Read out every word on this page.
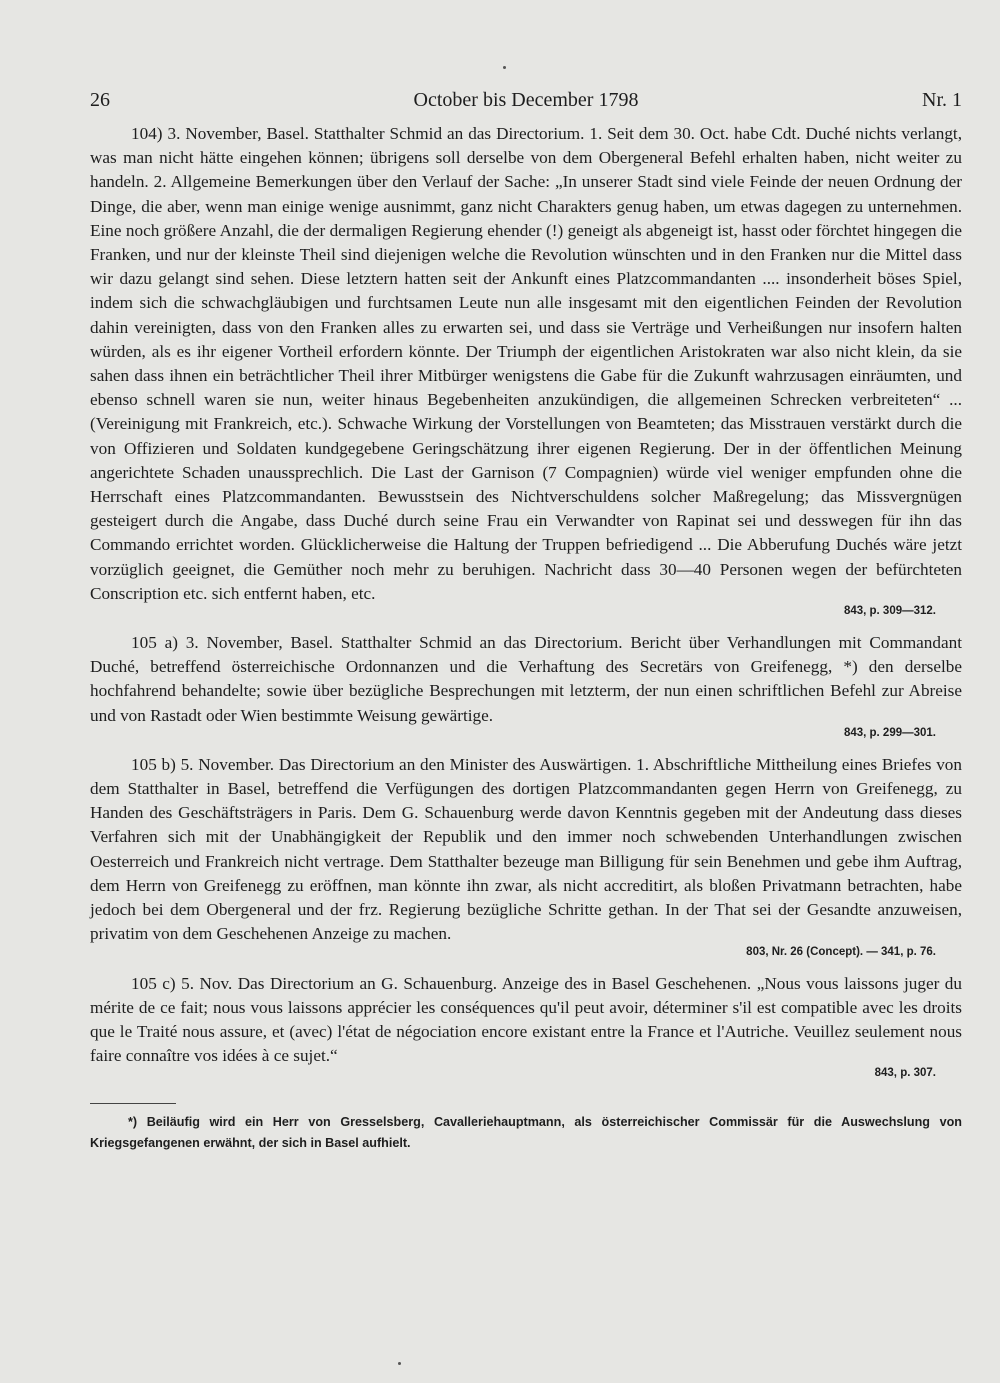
26	October bis December 1798	Nr. 1
104) 3. November, Basel. Statthalter Schmid an das Directorium. 1. Seit dem 30. Oct. habe Cdt. Duché nichts verlangt, was man nicht hätte eingehen können; übrigens soll derselbe von dem Obergeneral Befehl erhalten haben, nicht weiter zu handeln. 2. Allgemeine Bemerkungen über den Verlauf der Sache: „In unserer Stadt sind viele Feinde der neuen Ordnung der Dinge, die aber, wenn man einige wenige ausnimmt, ganz nicht Charakters genug haben, um etwas dagegen zu unternehmen. Eine noch größere Anzahl, die der dermaligen Regierung ehender (!) geneigt als abgeneigt ist, hasst oder förchtet hingegen die Franken, und nur der kleinste Theil sind diejenigen welche die Revolution wünschten und in den Franken nur die Mittel dass wir dazu gelangt sind sehen. Diese letztern hatten seit der Ankunft eines Platzcommandanten .... insonderheit böses Spiel, indem sich die schwachgläubigen und furchtsamen Leute nun alle insgesamt mit den eigentlichen Feinden der Revolution dahin vereinigten, dass von den Franken alles zu erwarten sei, und dass sie Verträge und Verheißungen nur insofern halten würden, als es ihr eigener Vortheil erfordern könnte. Der Triumph der eigentlichen Aristokraten war also nicht klein, da sie sahen dass ihnen ein beträchtlicher Theil ihrer Mitbürger wenigstens die Gabe für die Zukunft wahrzusagen einräumten, und ebenso schnell waren sie nun, weiter hinaus Begebenheiten anzukündigen, die allgemeinen Schrecken verbreiteten“ ... (Vereinigung mit Frankreich, etc.). Schwache Wirkung der Vorstellungen von Beamteten; das Misstrauen verstärkt durch die von Offizieren und Soldaten kundgegebene Geringschätzung ihrer eigenen Regierung. Der in der öffentlichen Meinung angerichtete Schaden unaussprechlich. Die Last der Garnison (7 Compagnien) würde viel weniger empfunden ohne die Herrschaft eines Platzcommandanten. Bewusstsein des Nichtverschuldens solcher Maßregelung; das Missvergnügen gesteigert durch die Angabe, dass Duché durch seine Frau ein Verwandter von Rapinat sei und desswegen für ihn das Commando errichtet worden. Glücklicherweise die Haltung der Truppen befriedigend ... Die Abberufung Duchés wäre jetzt vorzüglich geeignet, die Gemüther noch mehr zu beruhigen. Nachricht dass 30—40 Personen wegen der befürchteten Conscription etc. sich entfernt haben, etc.
843, p. 309—312.
105 a) 3. November, Basel. Statthalter Schmid an das Directorium. Bericht über Verhandlungen mit Commandant Duché, betreffend österreichische Ordonnanzen und die Verhaftung des Secretärs von Greifenegg, *) den derselbe hochfahrend behandelte; sowie über bezügliche Besprechungen mit letzterm, der nun einen schriftlichen Befehl zur Abreise und von Rastadt oder Wien bestimmte Weisung gewärtige.
843, p. 299—301.
105 b) 5. November. Das Directorium an den Minister des Auswärtigen. 1. Abschriftliche Mittheilung eines Briefes von dem Statthalter in Basel, betreffend die Verfügungen des dortigen Platzcommandanten gegen Herrn von Greifenegg, zu Handen des Geschäftsträgers in Paris. Dem G. Schauenburg werde davon Kenntnis gegeben mit der Andeutung dass dieses Verfahren sich mit der Unabhängigkeit der Republik und den immer noch schwebenden Unterhandlungen zwischen Oesterreich und Frankreich nicht vertrage. Dem Statthalter bezeuge man Billigung für sein Benehmen und gebe ihm Auftrag, dem Herrn von Greifenegg zu eröffnen, man könnte ihn zwar, als nicht accreditirt, als bloßen Privatmann betrachten, habe jedoch bei dem Obergeneral und der frz. Regierung bezügliche Schritte gethan. In der That sei der Gesandte anzuweisen, privatim von dem Geschehenen Anzeige zu machen.
803, Nr. 26 (Concept). — 341, p. 76.
105 c) 5. Nov. Das Directorium an G. Schauenburg. Anzeige des in Basel Geschehenen. „Nous vous laissons juger du mérite de ce fait; nous vous laissons apprécier les conséquences qu'il peut avoir, déterminer s'il est compatible avec les droits que le Traité nous assure, et (avec) l'état de négociation encore existant entre la France et l'Autriche. Veuillez seulement nous faire connaître vos idées à ce sujet.“
843, p. 307.
*) Beiläufig wird ein Herr von Gresselsberg, Cavalleriehauptmann, als österreichischer Commissär für die Auswechslung von Kriegsgefangenen erwähnt, der sich in Basel aufhielt.
